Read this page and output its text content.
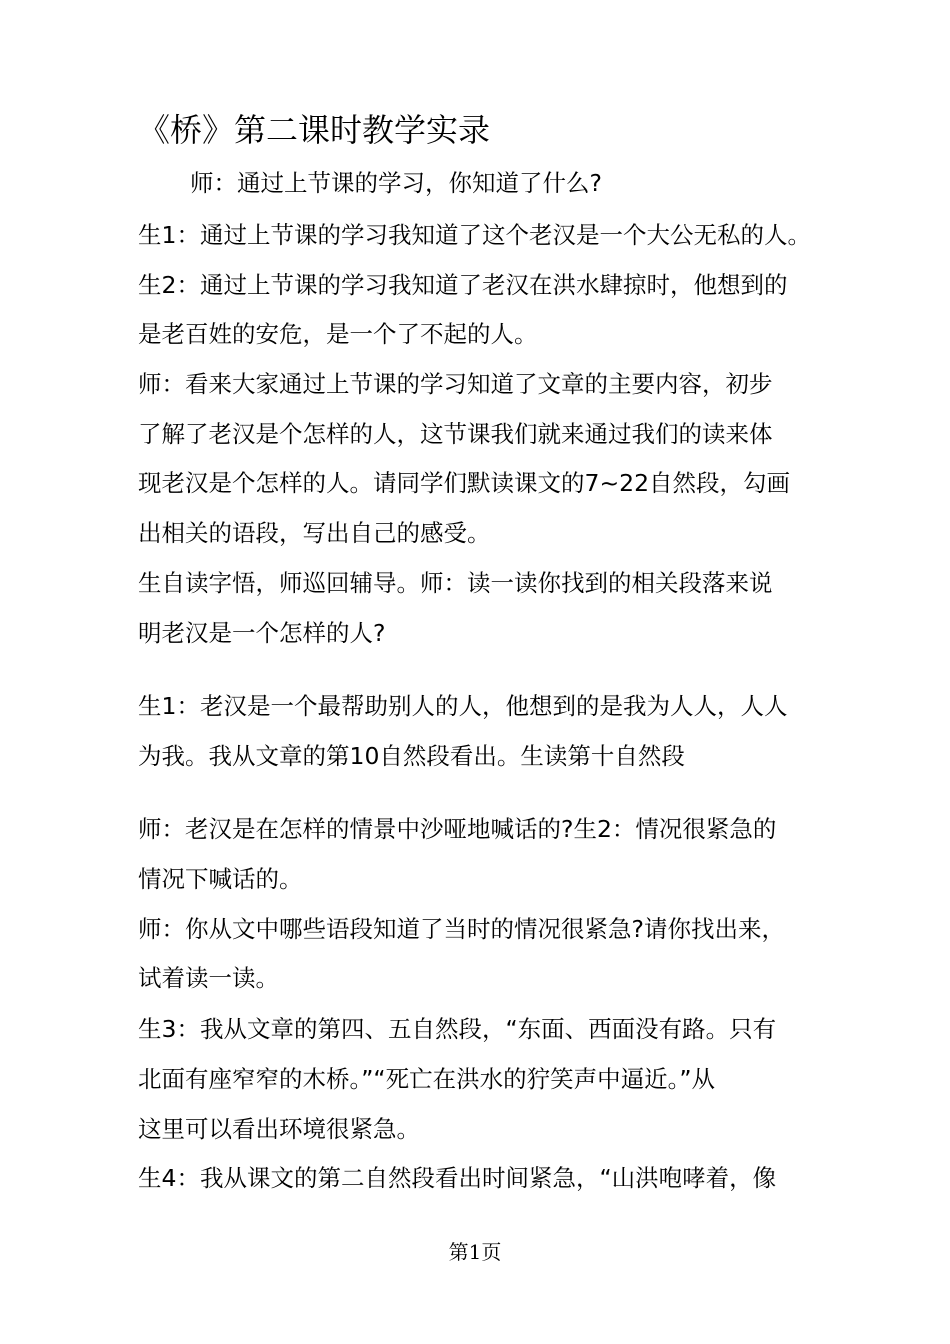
《桥》第二课时教学实录

师：通过上节课的学习，你知道了什么?

生1：通过上节课的学习我知道了这个老汉是一个大公无私的人。

生2：通过上节课的学习我知道了老汉在洪水肆掠时，他想到的

是老百姓的安危，是一个了不起的人。

师：看来大家通过上节课的学习知道了文章的主要内容，初步

了解了老汉是个怎样的人，这节课我们就来通过我们的读来体

现老汉是个怎样的人。请同学们默读课文的7~22自然段，勾画

出相关的语段，写出自己的感受。

生自读字悟，师巡回辅导。师：读一读你找到的相关段落来说

明老汉是一个怎样的人?

生1：老汉是一个最帮助别人的人，他想到的是我为人人，人人

为我。我从文章的第10自然段看出。生读第十自然段

师：老汉是在怎样的情景中沙哑地喊话的?生2：情况很紧急的

情况下喊话的。

师：你从文中哪些语段知道了当时的情况很紧急?请你找出来，

试着读一读。

生3：我从文章的第四、五自然段，“东面、西面没有路。只有

北面有座窄窄的木桥。”“死亡在洪水的狞笑声中逼近。”从

这里可以看出环境很紧急。

生4：我从课文的第二自然段看出时间紧急，“山洪咆哮着，像

第1页
